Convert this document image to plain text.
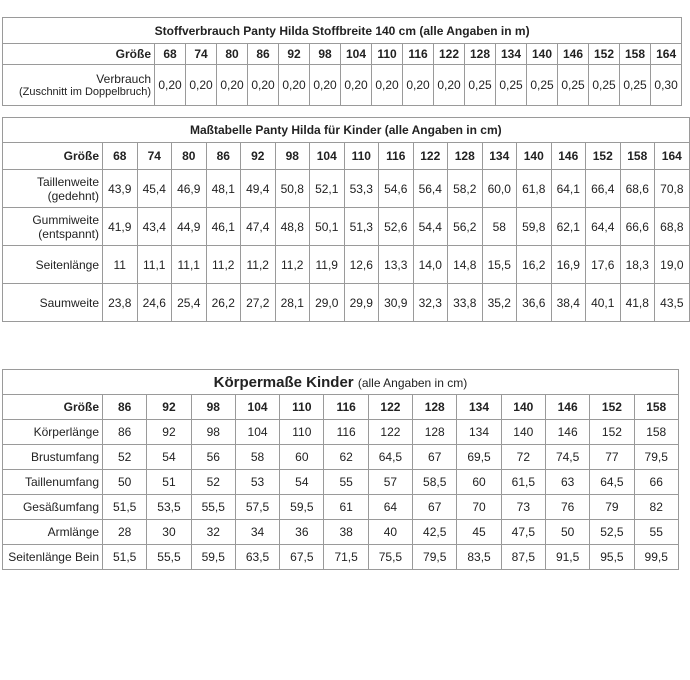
Stoffverbrauch Panty Hilda Stoffbreite 140 cm (alle Angaben in m)																	
Größe	68	74	80	86	92	98	104	110	116	122	128	134	140	146	152	158	164

Verbrauch
(Zuschnitt im Doppelbruch)	0,20	0,20	0,20	0,20	0,20	0,20	0,20	0,20	0,20	0,20	0,25	0,25	0,25	0,25	0,25	0,25	0,30
Maßtabelle Panty Hilda für Kinder (alle Angaben in cm)																	
Größe	68	74	80	86	92	98	104	110	116	122	128	134	140	146	152	158	164

Taillenweite
(gedehnt)	43,9	45,4	46,9	48,1	49,4	50,8	52,1	53,3	54,6	56,4	58,2	60,0	61,8	64,1	66,4	68,6	70,8

Gummiweite
(entspannt)	41,9	43,4	44,9	46,1	47,4	48,8	50,1	51,3	52,6	54,4	56,2	58	59,8	62,1	64,4	66,6	68,8

Seitenlänge	11	11,1	11,1	11,2	11,2	11,2	11,9	12,6	13,3	14,0	14,8	15,5	16,2	16,9	17,6	18,3	19,0

Saumweite	23,8	24,6	25,4	26,2	27,2	28,1	29,0	29,9	30,9	32,3	33,8	35,2	36,6	38,4	40,1	41,8	43,5
Körpermaße Kinder (alle Angaben in cm)													
Größe	86	92	98	104	110	116	122	128	134	140	146	152	158
Körperlänge	86	92	98	104	110	116	122	128	134	140	146	152	158
Brustumfang	52	54	56	58	60	62	64,5	67	69,5	72	74,5	77	79,5
Taillenumfang	50	51	52	53	54	55	57	58,5	60	61,5	63	64,5	66
Gesäßumfang	51,5	53,5	55,5	57,5	59,5	61	64	67	70	73	76	79	82
Armlänge	28	30	32	34	36	38	40	42,5	45	47,5	50	52,5	55
Seitenlänge Bein	51,5	55,5	59,5	63,5	67,5	71,5	75,5	79,5	83,5	87,5	91,5	95,5	99,5
